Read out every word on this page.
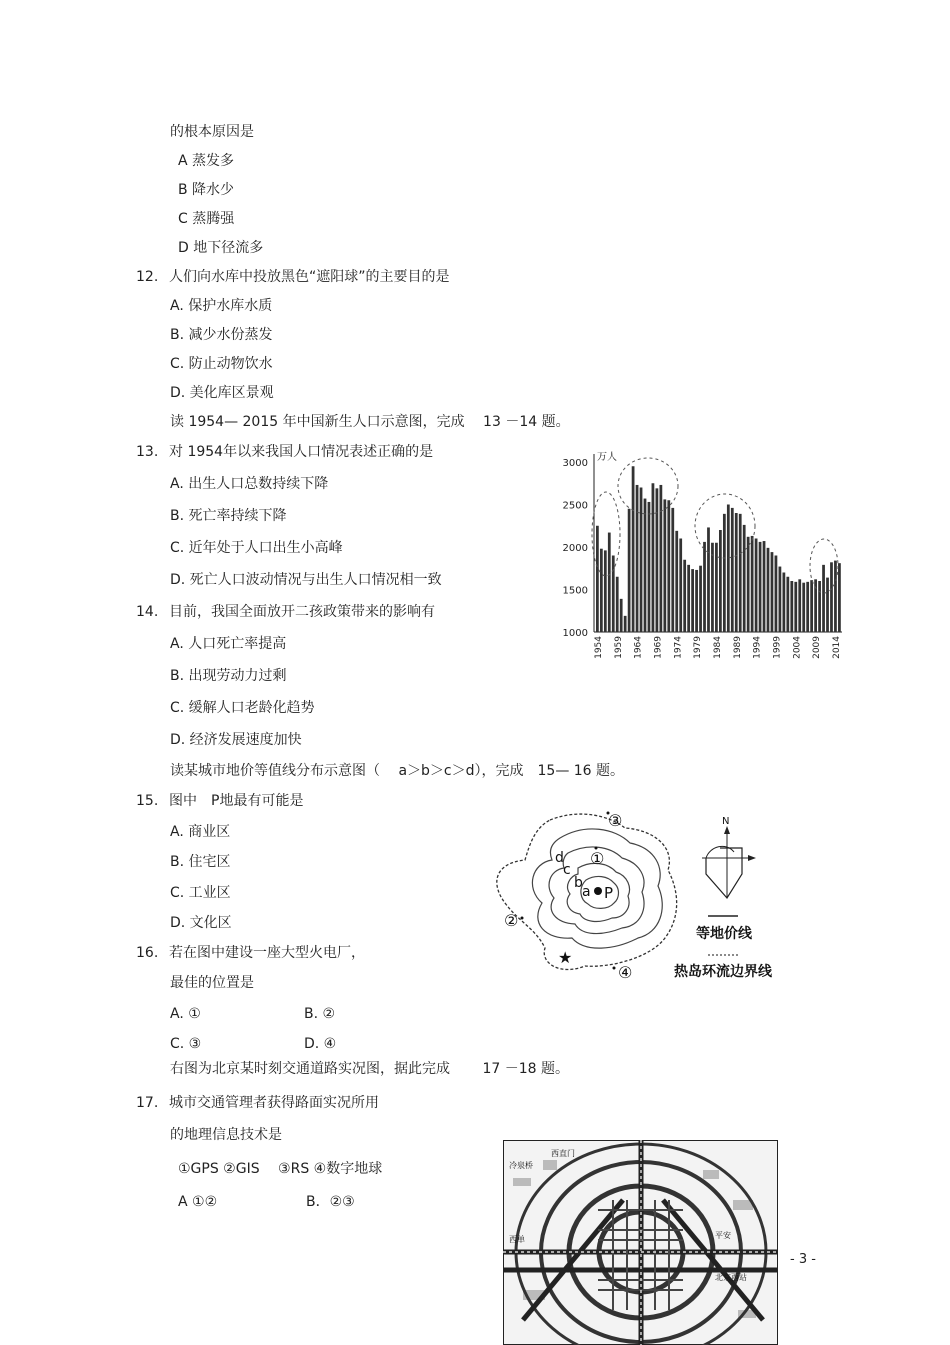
的根本原因是
A 蒸发多
B 降水少
C 蒸腾强
D 地下径流多
12. 人们向水库中投放黑色“遮阳球”的主要目的是
A. 保护水库水质
B. 减少水份蒸发
C. 防止动物饮水
D. 美化库区景观
读 1954— 2015 年中国新生人口示意图，完成　 13 －14 题。
13. 对 1954年以来我国人口情况表述正确的是
A. 出生人口总数持续下降
B. 死亡率持续下降
C. 近年处于人口出生小高峰
D. 死亡人口波动情况与出生人口情况相一致
14. 目前，我国全面放开二孩政策带来的影响有
A. 人口死亡率提高
B. 出现劳动力过剩
C. 缓解人口老龄化趋势
D. 经济发展速度加快
万人
1000
1500
2000
2500
3000
1954 1959 1964 1969 1974 1979 1984 1989 1994 1999 2004 2009 2014
读某城市地价等值线分布示意图（　 a＞b＞c＞d），完成　15— 16 题。
15. 图中　P地最有可能是
A. 商业区
B. 住宅区
C. 工业区
D. 文化区
16. 若在图中建设一座大型火电厂，
最佳的位置是
A. ①	B. ②
C. ③	D. ④
①
②
③
④
d
c
b
a P
★
N
等地价线
热岛环流边界线
右图为北京某时刻交通道路实况图，据此完成　　 17 －18 题。
17. 城市交通管理者获得路面实况所用
的地理信息技术是
①GPS ②GIS 　③RS ④数字地球
A ①②	B．②③
西直门
冷泉桥
西单	平安
北京西站
- 3 -
